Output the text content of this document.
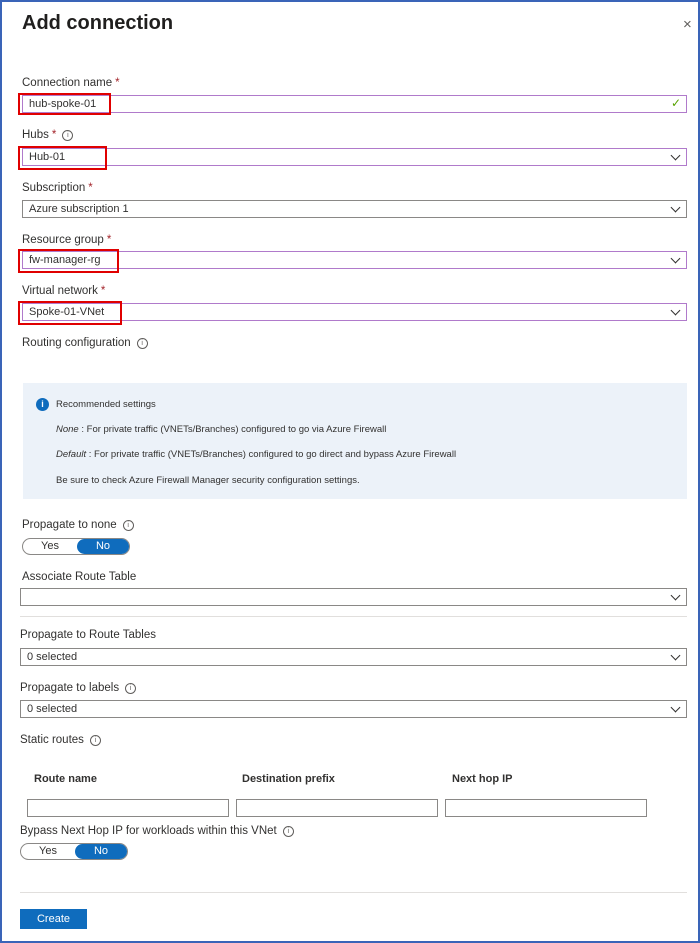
Add connection	×
Connection name *
hub-spoke-01	✓
Hubs * i
Hub-01
Subscription *
Azure subscription 1
Resource group *
fw-manager-rg
Virtual network *
Spoke-01-VNet
Routing configuration i
i	Recommended settings
None : For private traffic (VNETs/Branches) configured to go via Azure Firewall
Default : For private traffic (VNETs/Branches) configured to go direct and bypass Azure Firewall
Be sure to check Azure Firewall Manager security configuration settings.
Propagate to none i
Yes	No
Associate Route Table
Propagate to Route Tables
0 selected
Propagate to labels i
0 selected
Static routes i
Route name	Destination prefix	Next hop IP
Bypass Next Hop IP for workloads within this VNet i
Yes	No
Create
